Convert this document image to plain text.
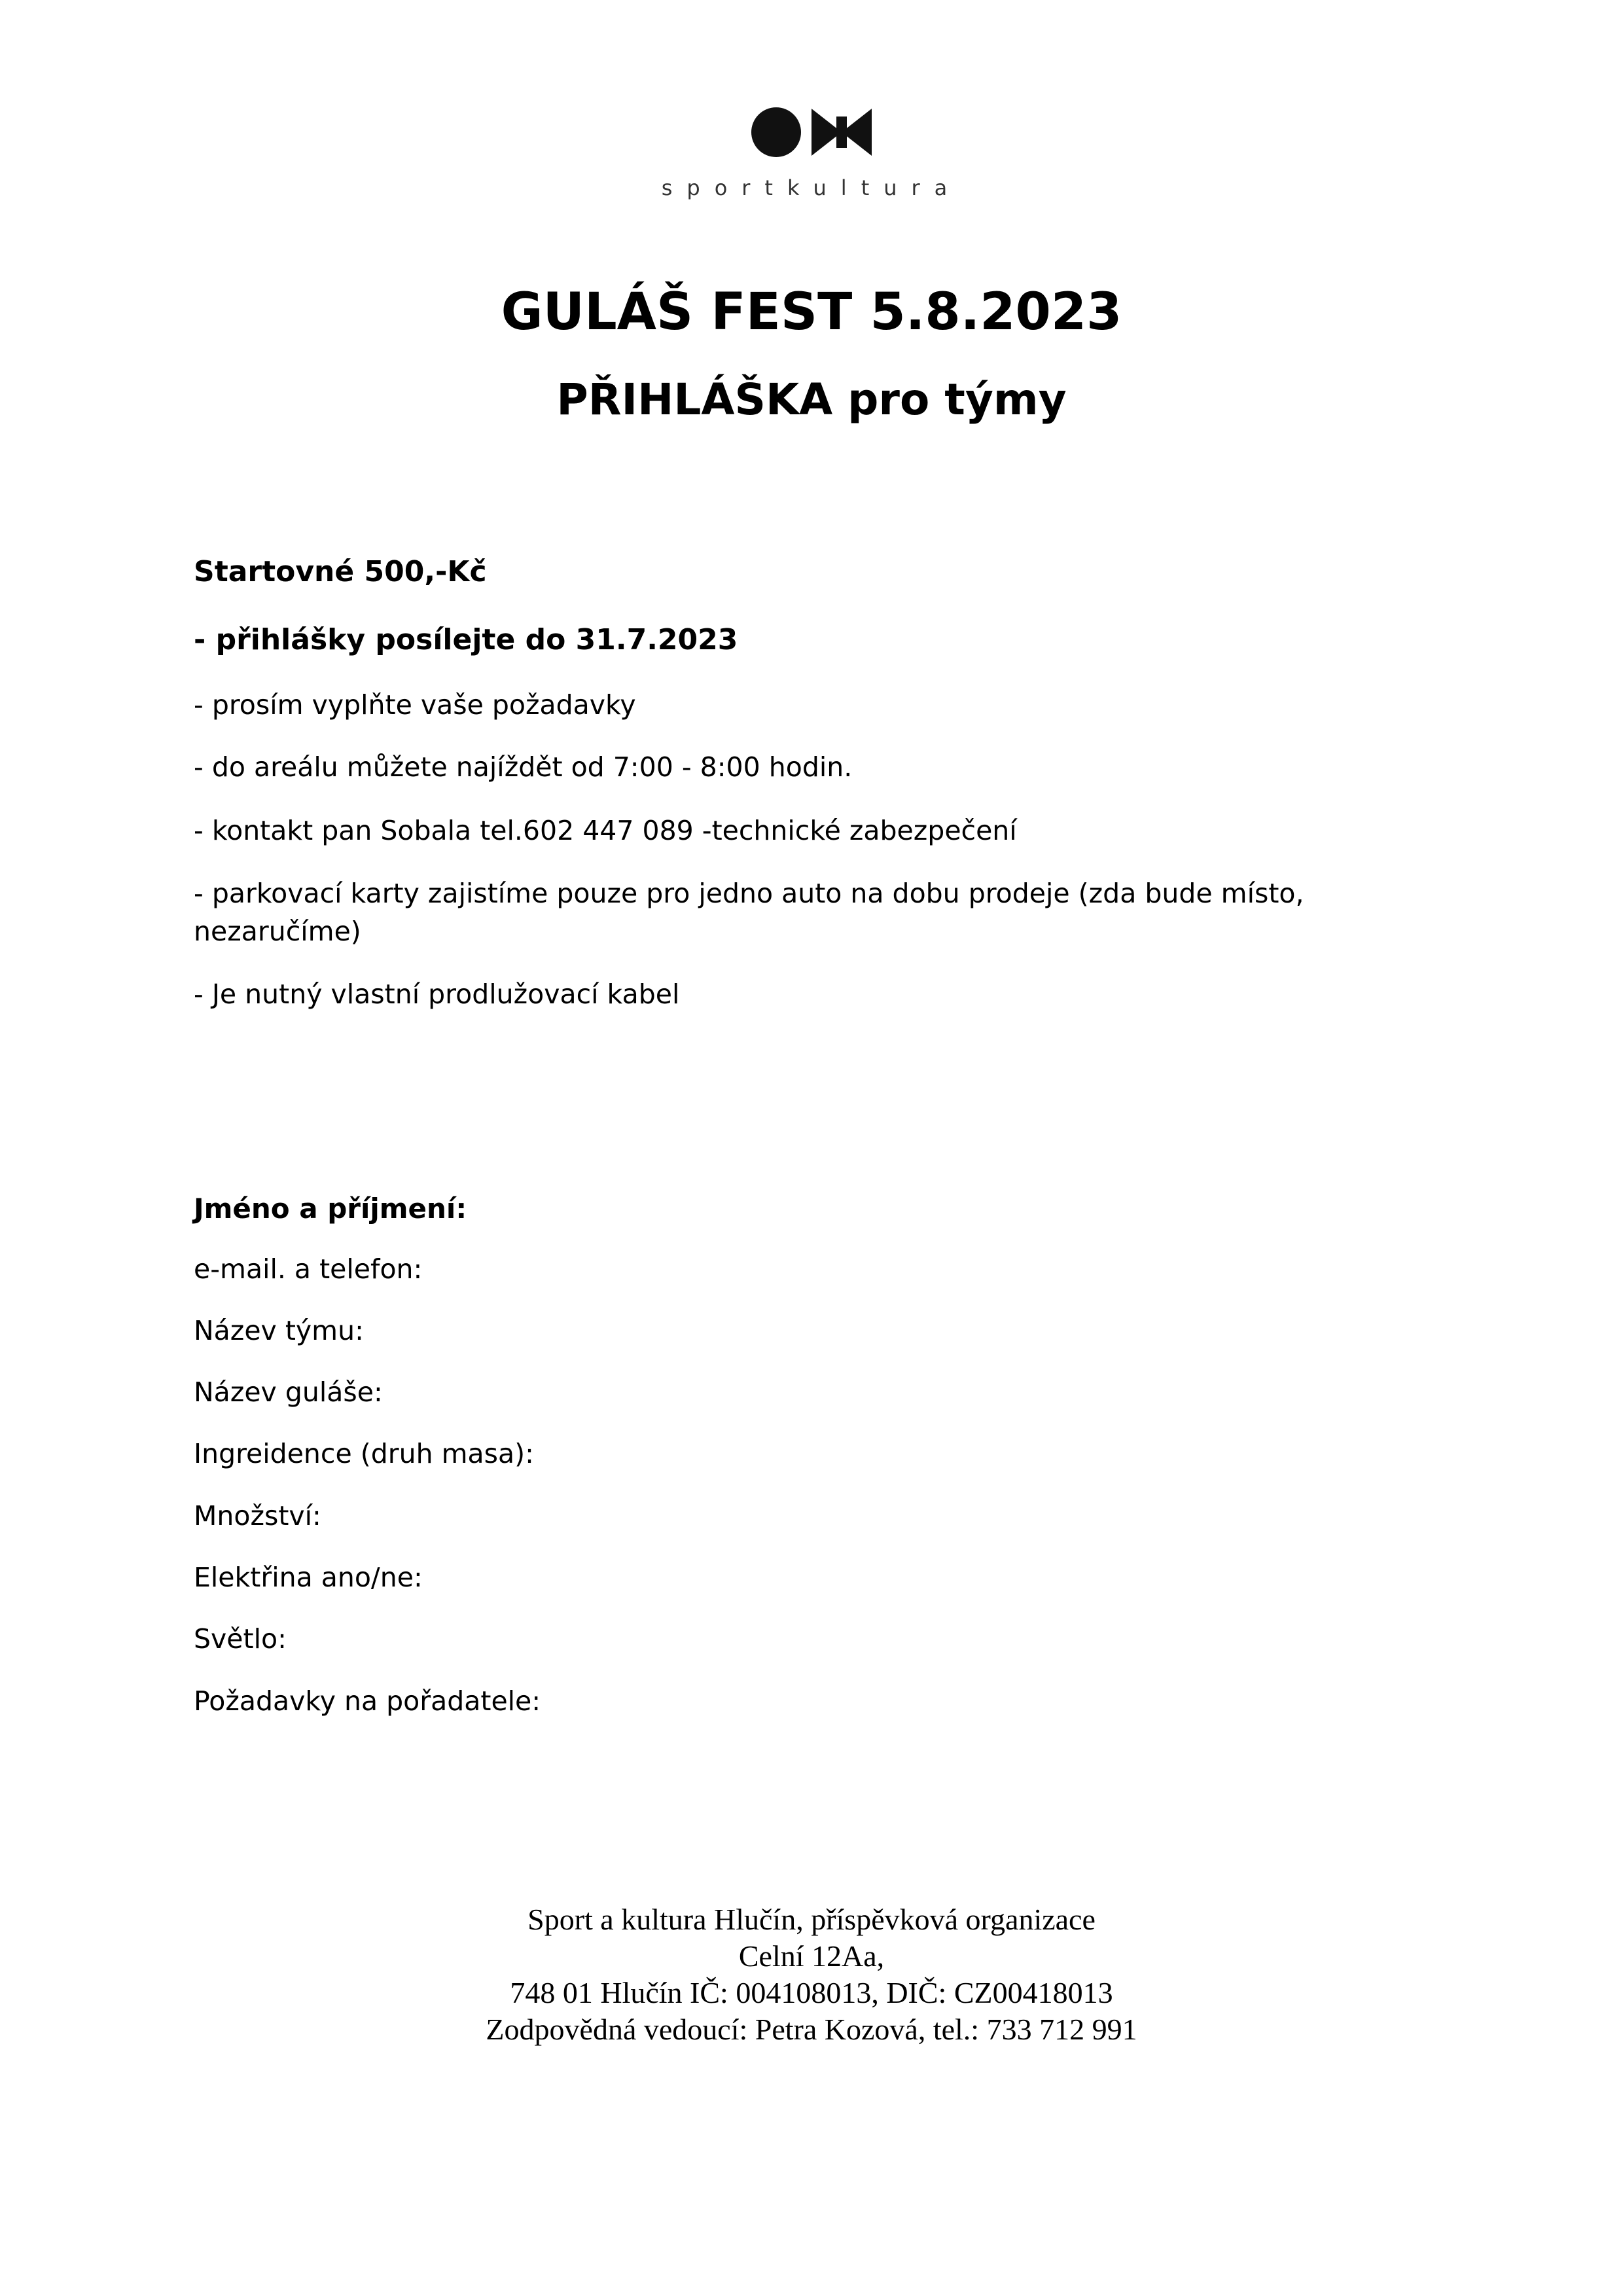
sportkultura
GULÁŠ FEST 5.8.2023
PŘIHLÁŠKA pro týmy
Startovné 500,-Kč
- přihlášky posílejte do 31.7.2023
- prosím vyplňte vaše požadavky
- do areálu můžete najíždět od 7:00 - 8:00 hodin.
- kontakt pan Sobala tel.602 447 089 -technické zabezpečení
- parkovací karty zajistíme pouze pro jedno auto na dobu prodeje (zda bude místo, nezaručíme)
- Je nutný vlastní prodlužovací kabel
Jméno a příjmení:
e-mail. a telefon:
Název týmu:
Název guláše:
Ingreidence (druh masa):
Množství:
Elektřina ano/ne:
Světlo:
Požadavky na pořadatele:
Sport a kultura Hlučín, příspěvková organizace
Celní 12Aa,
748 01 Hlučín IČ: 004108013, DIČ: CZ00418013
Zodpovědná vedoucí: Petra Kozová, tel.: 733 712 991
